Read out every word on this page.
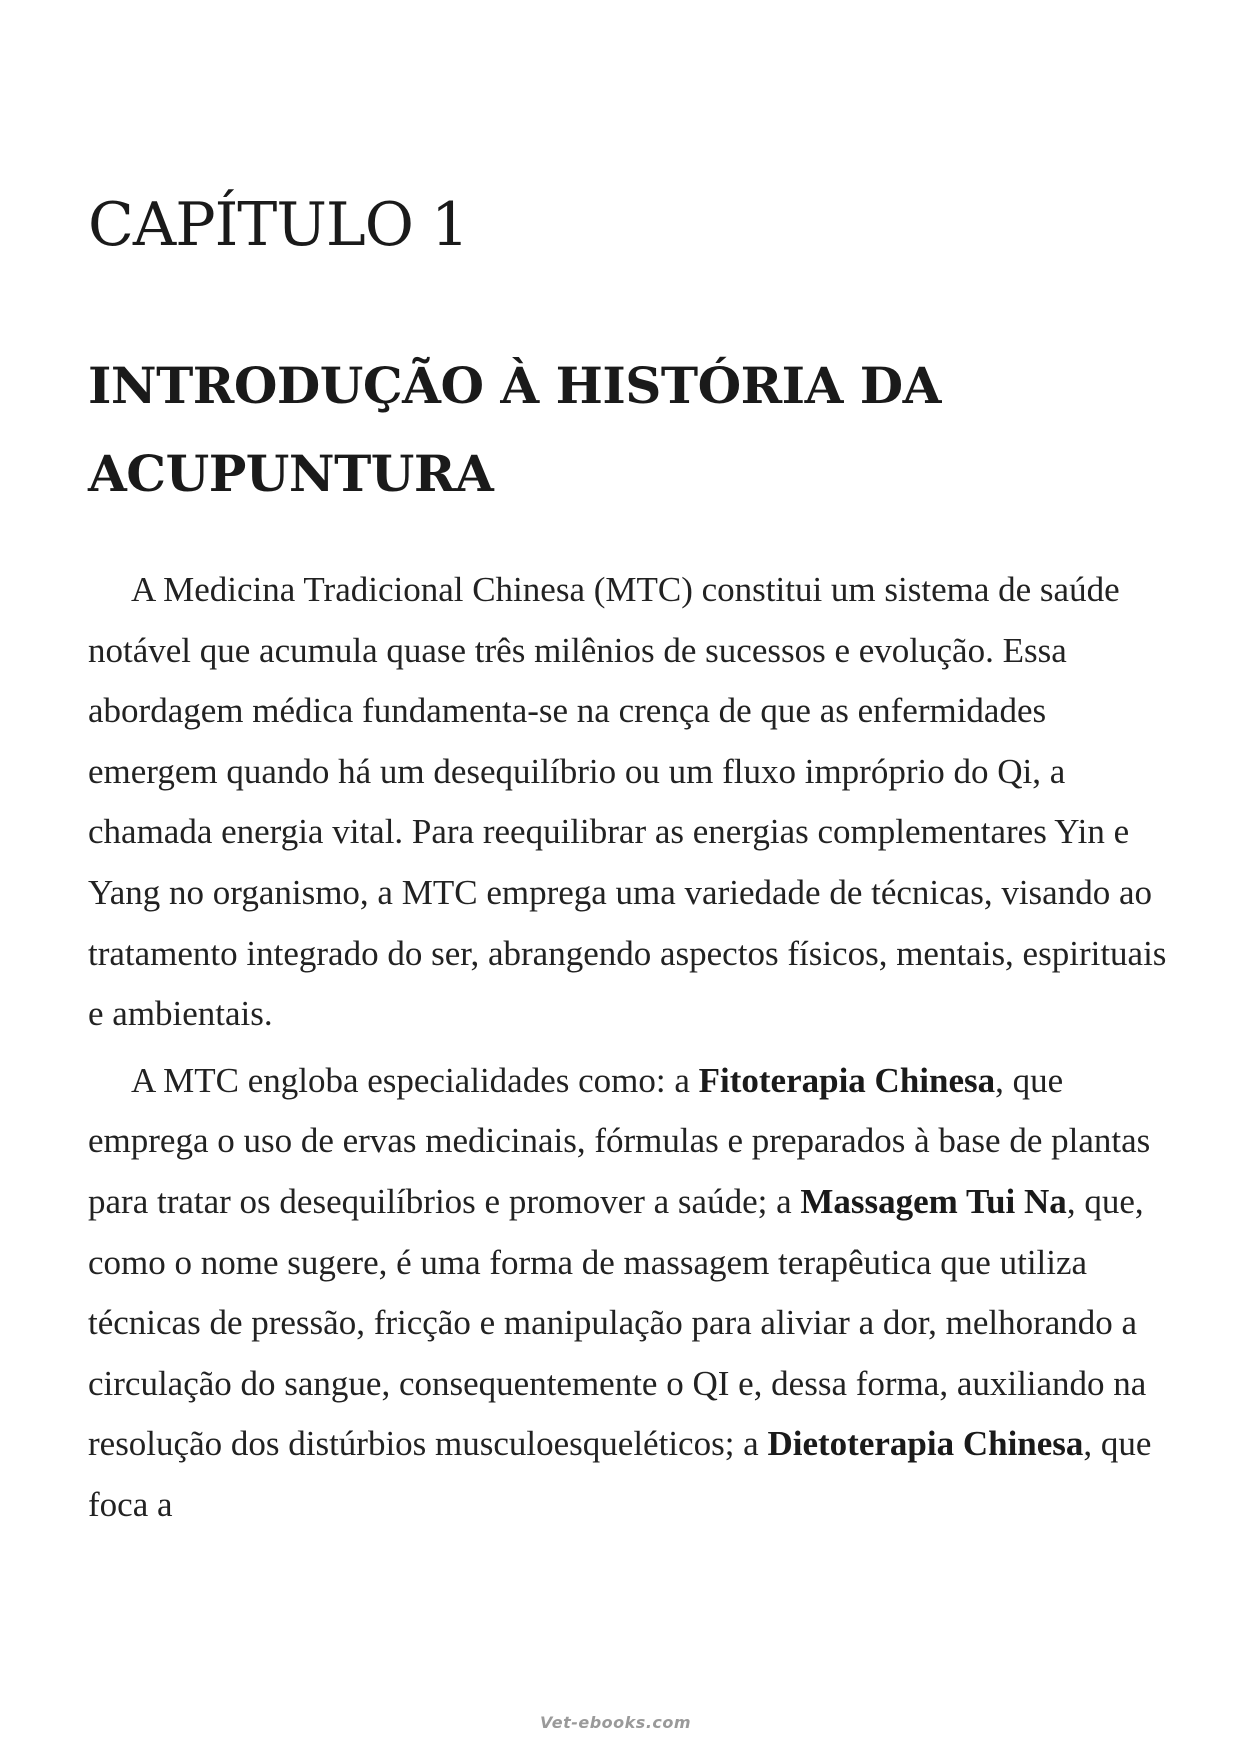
CAPÍTULO 1
INTRODUÇÃO À HISTÓRIA DA
ACUPUNTURA

A Medicina Tradicional Chinesa (MTC) constitui um sistema de saúde notável que acumula quase três milênios de sucessos e evolução. Essa abordagem médica fundamenta-se na crença de que as enfermidades emergem quando há um desequilíbrio ou um fluxo impróprio do Qi, a chamada energia vital. Para reequilibrar as energias complementares Yin e Yang no organismo, a MTC emprega uma variedade de técnicas, visando ao tratamento integrado do ser, abrangendo aspectos físicos, mentais, espirituais e ambientais.

A MTC engloba especialidades como: a Fitoterapia Chinesa, que emprega o uso de ervas medicinais, fórmulas e preparados à base de plantas para tratar os desequilíbrios e promover a saúde; a Massagem Tui Na, que, como o nome sugere, é uma forma de massagem terapêutica que utiliza técnicas de pressão, fricção e manipulação para aliviar a dor, melhorando a circulação do sangue, consequentemente o QI e, dessa forma, auxiliando na resolução dos distúrbios musculoesqueléticos; a Dietoterapia Chinesa, que foca a

Vet-ebooks.com
